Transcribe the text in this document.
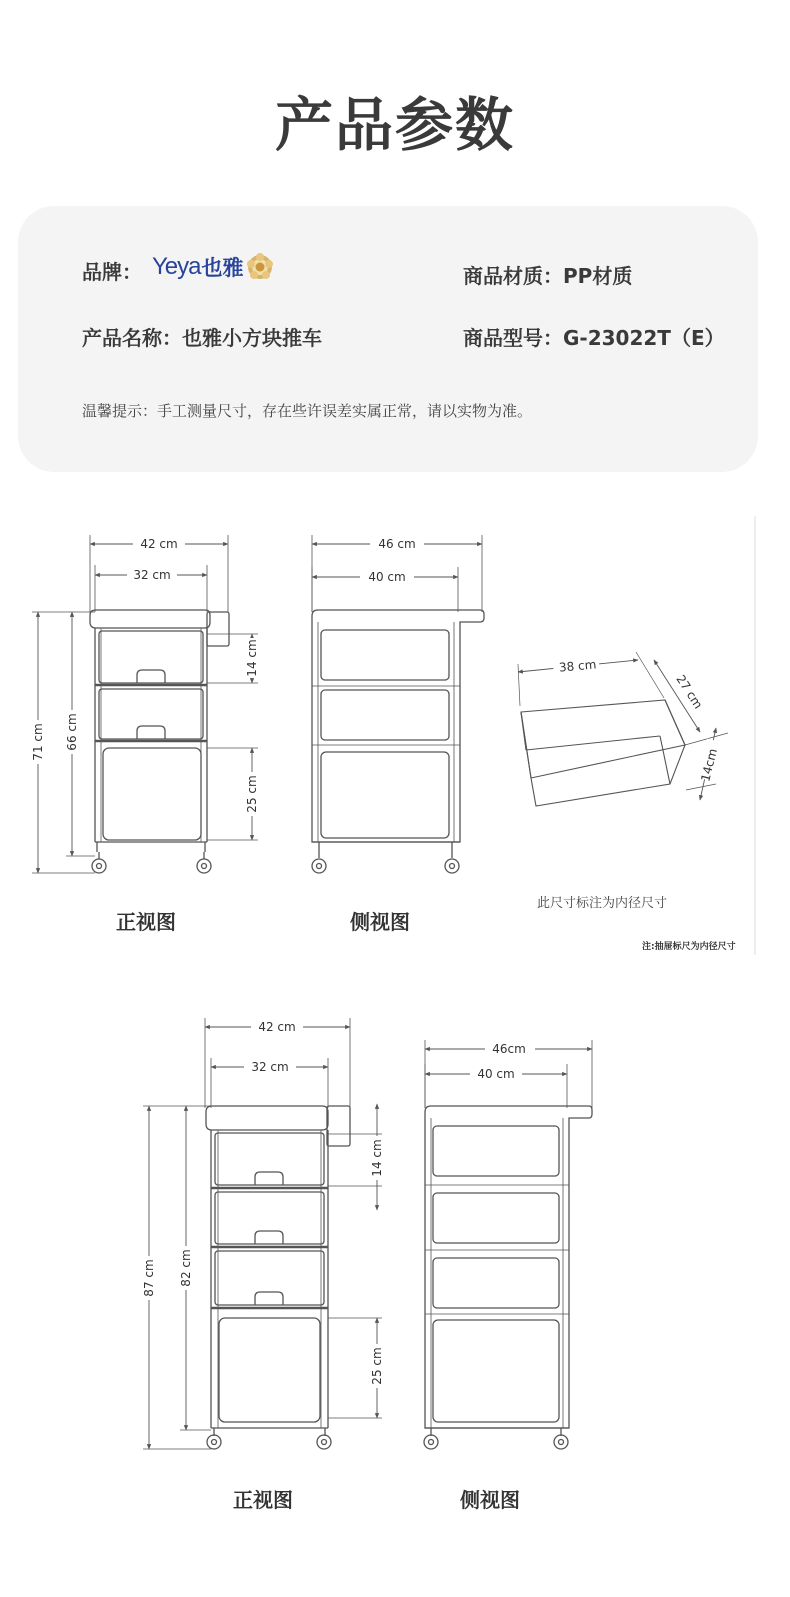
产品参数
品牌： Yeya 也雅	商品材质：PP材质
产品名称：也雅小方块推车	商品型号：G-23022T（E）
温馨提示：手工测量尺寸，存在些许误差实属正常，请以实物为准。
42 cm
32 cm
71 cm 66 cm
14 cm
25 cm
46 cm
40 cm
38 cm
27 cm
14cm
42 cm
32 cm
87 cm 82 cm
14 cm
25 cm
46cm
40 cm
正视图	侧视图
此尺寸标注为内径尺寸
注:抽屉标尺为内径尺寸
正视图	侧视图
